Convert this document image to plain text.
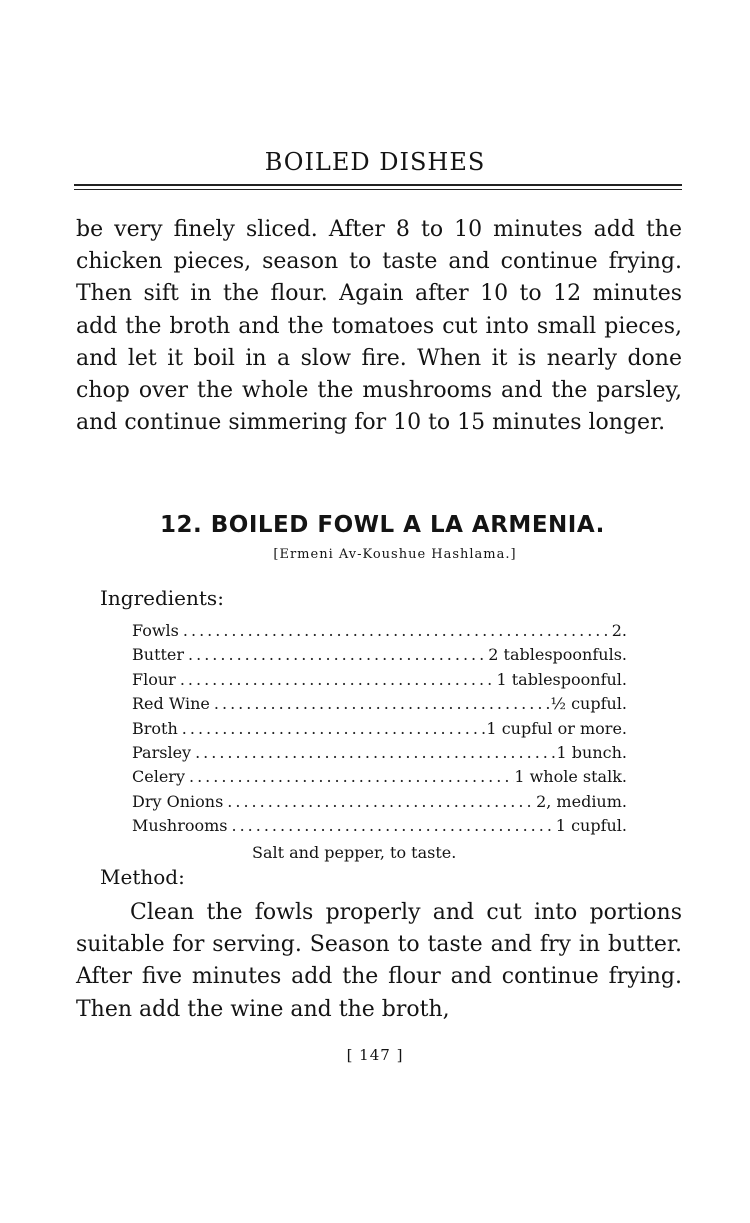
BOILED DISHES
be very finely sliced. After 8 to 10 minutes add the chicken pieces, season to taste and continue frying. Then sift in the flour. Again after 10 to 12 minutes add the broth and the tomatoes cut into small pieces, and let it boil in a slow fire. When it is nearly done chop over the whole the mushrooms and the parsley, and continue simmering for 10 to 15 minutes longer.
12. BOILED FOWL A LA ARMENIA.
[Ermeni Av-Koushue Hashlama.]
Ingredients:
Fowls .....	2.
Butter .....	2 tablespoonfuls.
Flour .....	1 tablespoonful.
Red Wine .....	½ cupful.
Broth .....	1 cupful or more.
Parsley .....	1 bunch.
Celery .....	1 whole stalk.
Dry Onions .....	2, medium.
Mushrooms .....	1 cupful.
Salt and pepper, to taste.
Method:
Clean the fowls properly and cut into portions suitable for serving. Season to taste and fry in butter. After five minutes add the flour and continue frying. Then add the wine and the broth,
[ 147 ]
